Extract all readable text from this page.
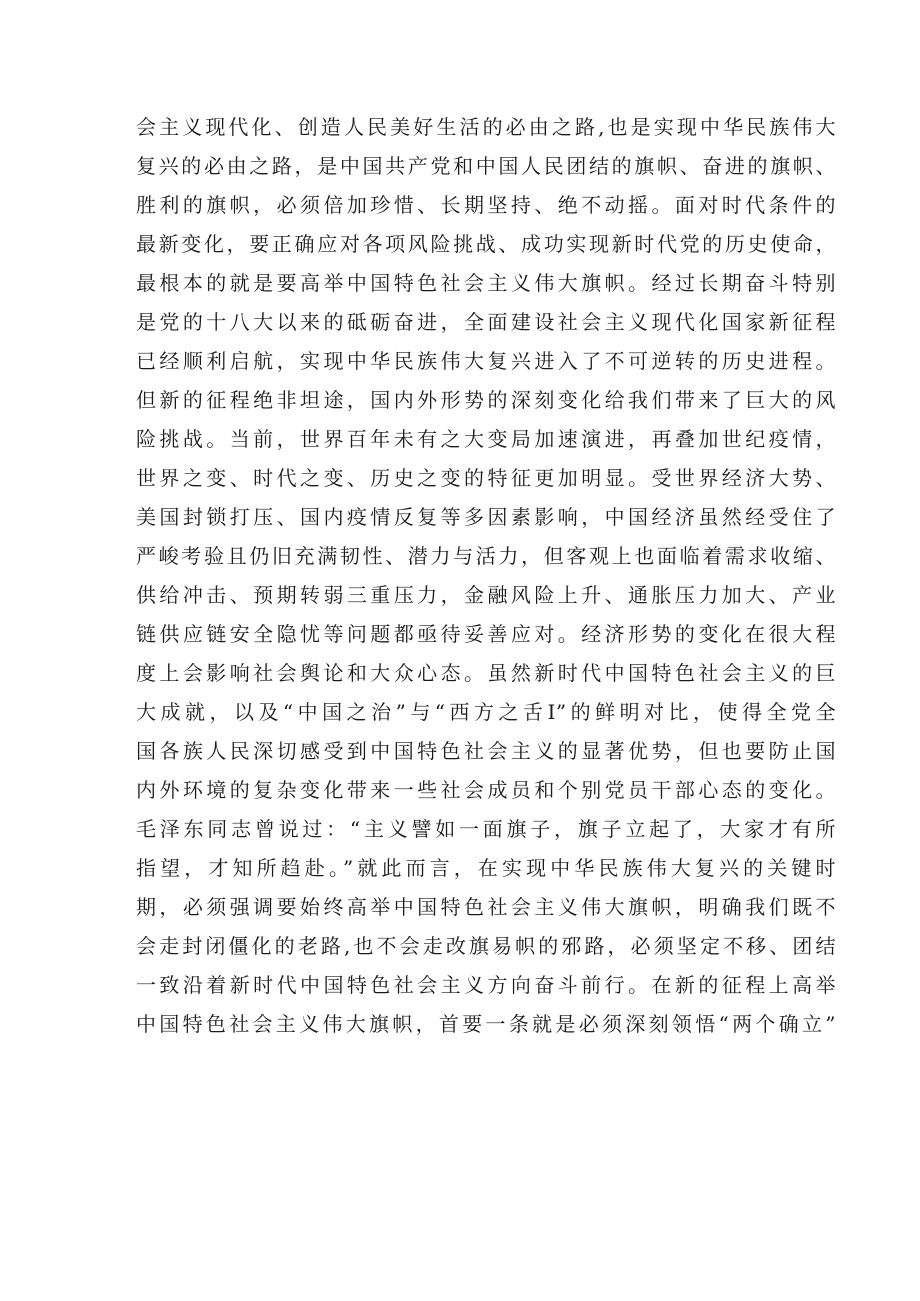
会主义现代化、创造人民美好生活的必由之路,也是实现中华民族伟大
复兴的必由之路，是中国共产党和中国人民团结的旗帜、奋进的旗帜、
胜利的旗帜，必须倍加珍惜、长期坚持、绝不动摇。面对时代条件的
最新变化，要正确应对各项风险挑战、成功实现新时代党的历史使命，
最根本的就是要高举中国特色社会主义伟大旗帜。经过长期奋斗特别
是党的十八大以来的砥砺奋进，全面建设社会主义现代化国家新征程
已经顺利启航，实现中华民族伟大复兴进入了不可逆转的历史进程。
但新的征程绝非坦途，国内外形势的深刻变化给我们带来了巨大的风
险挑战。当前，世界百年未有之大变局加速演进，再叠加世纪疫情，
世界之变、时代之变、历史之变的特征更加明显。受世界经济大势、
美国封锁打压、国内疫情反复等多因素影响，中国经济虽然经受住了
严峻考验且仍旧充满韧性、潜力与活力，但客观上也面临着需求收缩、
供给冲击、预期转弱三重压力，金融风险上升、通胀压力加大、产业
链供应链安全隐忧等问题都亟待妥善应对。经济形势的变化在很大程
度上会影响社会舆论和大众心态。虽然新时代中国特色社会主义的巨
大成就，以及“中国之治”与“西方之舌I”的鲜明对比，使得全党全
国各族人民深切感受到中国特色社会主义的显著优势，但也要防止国
内外环境的复杂变化带来一些社会成员和个别党员干部心态的变化。
毛泽东同志曾说过：“主义譬如一面旗子，旗子立起了，大家才有所
指望，才知所趋赴。”就此而言，在实现中华民族伟大复兴的关键时
期，必须强调要始终高举中国特色社会主义伟大旗帜，明确我们既不
会走封闭僵化的老路,也不会走改旗易帜的邪路，必须坚定不移、团结
一致沿着新时代中国特色社会主义方向奋斗前行。在新的征程上高举
中国特色社会主义伟大旗帜，首要一条就是必须深刻领悟“两个确立”
